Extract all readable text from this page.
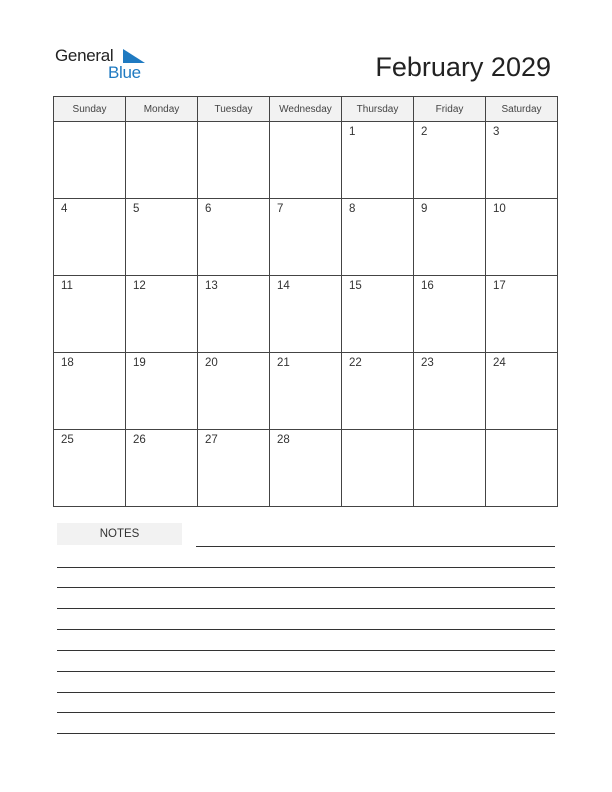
General
Blue	February 2029
Sunday	Monday	Tuesday	Wednesday	Thursday	Friday	Saturday

				1	2	3

4	5	6	7	8	9	10

11	12	13	14	15	16	17

18	19	20	21	22	23	24

25	26	27	28			

NOTES
